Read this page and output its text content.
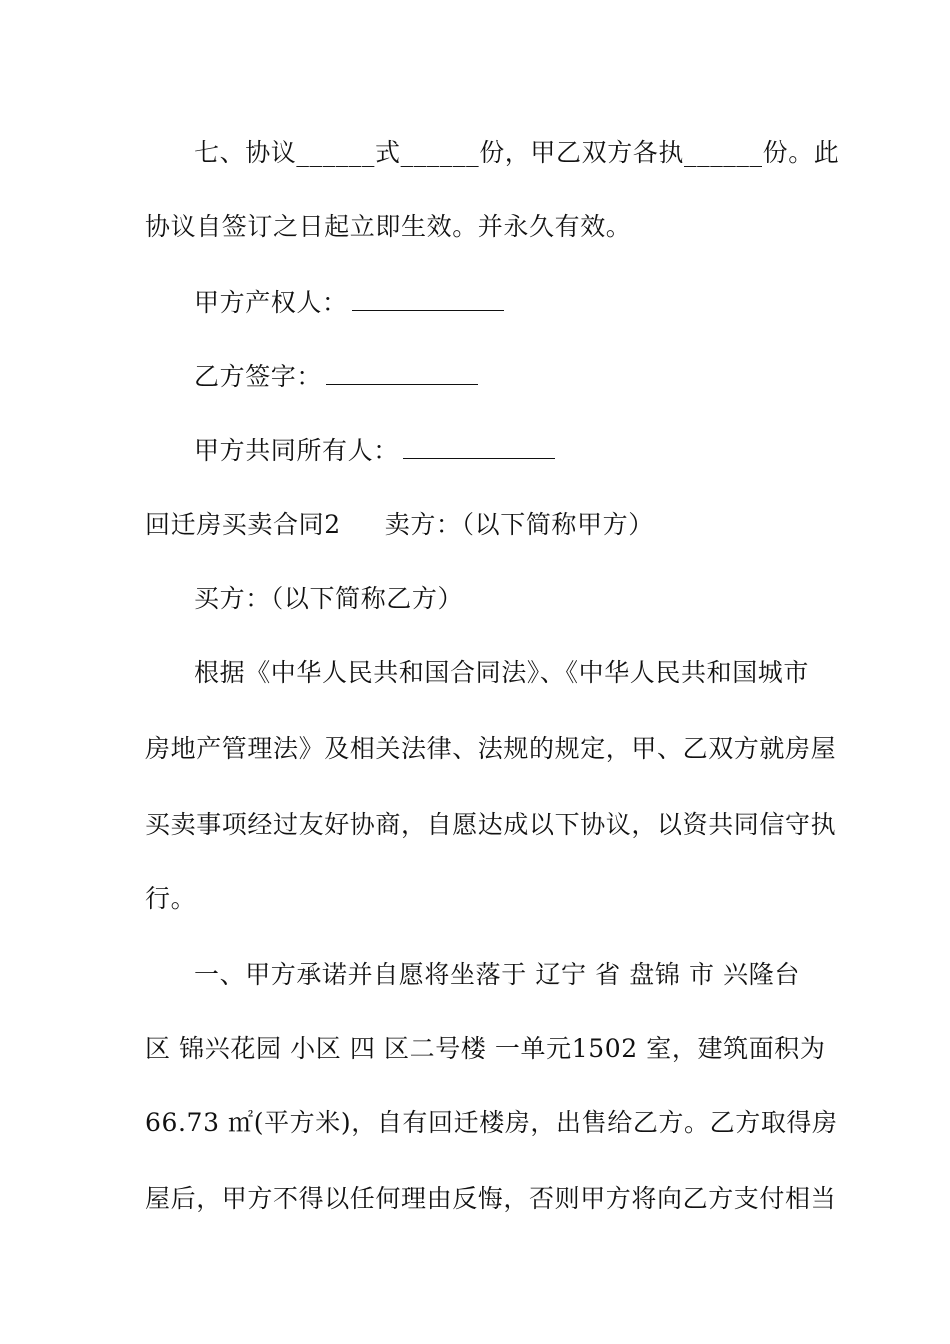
七、协议______式______份，甲乙双方各执______份。此
协议自签订之日起立即生效。并永久有效。
甲方产权人：
乙方签字：
甲方共同所有人：
回迁房买卖合同2 卖方：（以下简称甲方）
买方：（以下简称乙方）
根据《中华人民共和国合同法》、《中华人民共和国城市
房地产管理法》及相关法律、法规的规定，甲、乙双方就房屋
买卖事项经过友好协商，自愿达成以下协议，以资共同信守执
行。
一、甲方承诺并自愿将坐落于 辽宁 省 盘锦 市 兴隆台
区 锦兴花园 小区 四 区二号楼 一单元1502 室，建筑面积为
66.73 ㎡(平方米)，自有回迁楼房，出售给乙方。乙方取得房
屋后，甲方不得以任何理由反悔，否则甲方将向乙方支付相当
